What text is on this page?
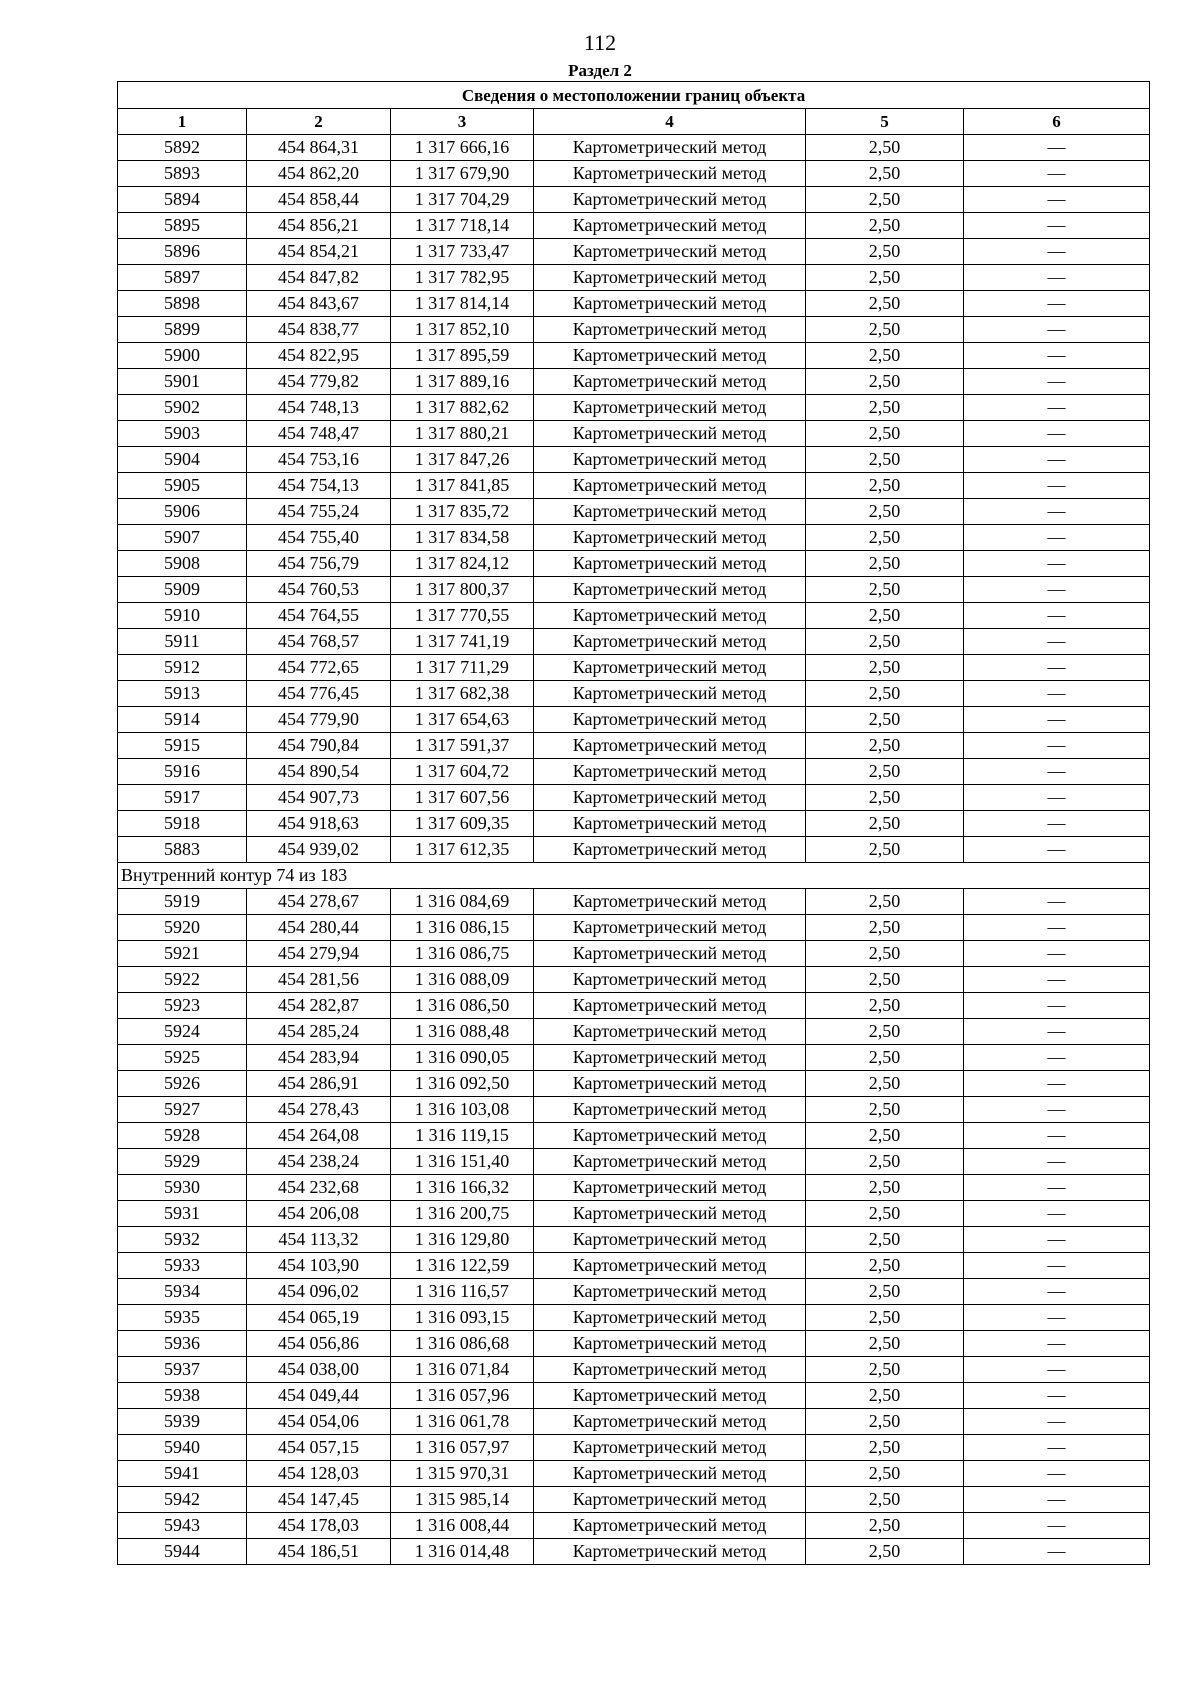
112
Раздел 2
Сведения о местоположении границ объекта					
1	2	3	4	5	6
5892	454 864,31	1 317 666,16	Картометрический метод	2,50	—
5893	454 862,20	1 317 679,90	Картометрический метод	2,50	—
5894	454 858,44	1 317 704,29	Картометрический метод	2,50	—
5895	454 856,21	1 317 718,14	Картометрический метод	2,50	—
5896	454 854,21	1 317 733,47	Картометрический метод	2,50	—
5897	454 847,82	1 317 782,95	Картометрический метод	2,50	—
5898	454 843,67	1 317 814,14	Картометрический метод	2,50	—
5899	454 838,77	1 317 852,10	Картометрический метод	2,50	—
5900	454 822,95	1 317 895,59	Картометрический метод	2,50	—
5901	454 779,82	1 317 889,16	Картометрический метод	2,50	—
5902	454 748,13	1 317 882,62	Картометрический метод	2,50	—
5903	454 748,47	1 317 880,21	Картометрический метод	2,50	—
5904	454 753,16	1 317 847,26	Картометрический метод	2,50	—
5905	454 754,13	1 317 841,85	Картометрический метод	2,50	—
5906	454 755,24	1 317 835,72	Картометрический метод	2,50	—
5907	454 755,40	1 317 834,58	Картометрический метод	2,50	—
5908	454 756,79	1 317 824,12	Картометрический метод	2,50	—
5909	454 760,53	1 317 800,37	Картометрический метод	2,50	—
5910	454 764,55	1 317 770,55	Картометрический метод	2,50	—
5911	454 768,57	1 317 741,19	Картометрический метод	2,50	—
5912	454 772,65	1 317 711,29	Картометрический метод	2,50	—
5913	454 776,45	1 317 682,38	Картометрический метод	2,50	—
5914	454 779,90	1 317 654,63	Картометрический метод	2,50	—
5915	454 790,84	1 317 591,37	Картометрический метод	2,50	—
5916	454 890,54	1 317 604,72	Картометрический метод	2,50	—
5917	454 907,73	1 317 607,56	Картометрический метод	2,50	—
5918	454 918,63	1 317 609,35	Картометрический метод	2,50	—
5883	454 939,02	1 317 612,35	Картометрический метод	2,50	—
Внутренний контур 74 из 183					
5919	454 278,67	1 316 084,69	Картометрический метод	2,50	—
5920	454 280,44	1 316 086,15	Картометрический метод	2,50	—
5921	454 279,94	1 316 086,75	Картометрический метод	2,50	—
5922	454 281,56	1 316 088,09	Картометрический метод	2,50	—
5923	454 282,87	1 316 086,50	Картометрический метод	2,50	—
5924	454 285,24	1 316 088,48	Картометрический метод	2,50	—
5925	454 283,94	1 316 090,05	Картометрический метод	2,50	—
5926	454 286,91	1 316 092,50	Картометрический метод	2,50	—
5927	454 278,43	1 316 103,08	Картометрический метод	2,50	—
5928	454 264,08	1 316 119,15	Картометрический метод	2,50	—
5929	454 238,24	1 316 151,40	Картометрический метод	2,50	—
5930	454 232,68	1 316 166,32	Картометрический метод	2,50	—
5931	454 206,08	1 316 200,75	Картометрический метод	2,50	—
5932	454 113,32	1 316 129,80	Картометрический метод	2,50	—
5933	454 103,90	1 316 122,59	Картометрический метод	2,50	—
5934	454 096,02	1 316 116,57	Картометрический метод	2,50	—
5935	454 065,19	1 316 093,15	Картометрический метод	2,50	—
5936	454 056,86	1 316 086,68	Картометрический метод	2,50	—
5937	454 038,00	1 316 071,84	Картометрический метод	2,50	—
5938	454 049,44	1 316 057,96	Картометрический метод	2,50	—
5939	454 054,06	1 316 061,78	Картометрический метод	2,50	—
5940	454 057,15	1 316 057,97	Картометрический метод	2,50	—
5941	454 128,03	1 315 970,31	Картометрический метод	2,50	—
5942	454 147,45	1 315 985,14	Картометрический метод	2,50	—
5943	454 178,03	1 316 008,44	Картометрический метод	2,50	—
5944	454 186,51	1 316 014,48	Картометрический метод	2,50	—
